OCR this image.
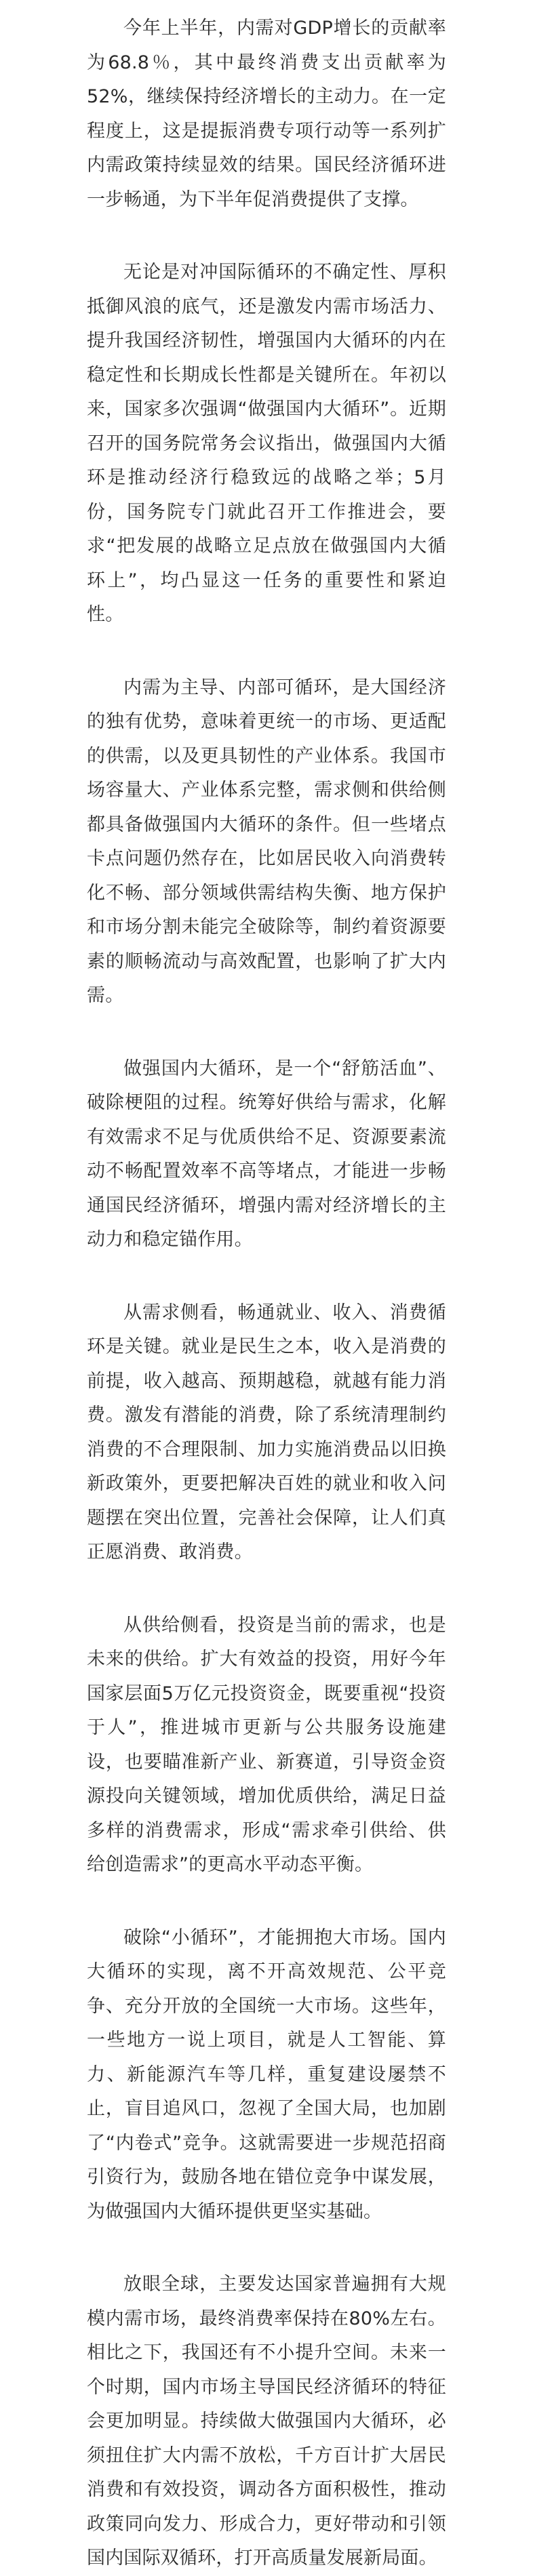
今年上半年，内需对GDP增长的贡献率为68.8％，其中最终消费支出贡献率为52%，继续保持经济增长的主动力。在一定程度上，这是提振消费专项行动等一系列扩内需政策持续显效的结果。国民经济循环进一步畅通，为下半年促消费提供了支撑。

无论是对冲国际循环的不确定性、厚积抵御风浪的底气，还是激发内需市场活力、提升我国经济韧性，增强国内大循环的内在稳定性和长期成长性都是关键所在。年初以来，国家多次强调“做强国内大循环”。近期召开的国务院常务会议指出，做强国内大循环是推动经济行稳致远的战略之举；5月份，国务院专门就此召开工作推进会，要求“把发展的战略立足点放在做强国内大循环上”，均凸显这一任务的重要性和紧迫性。

内需为主导、内部可循环，是大国经济的独有优势，意味着更统一的市场、更适配的供需，以及更具韧性的产业体系。我国市场容量大、产业体系完整，需求侧和供给侧都具备做强国内大循环的条件。但一些堵点卡点问题仍然存在，比如居民收入向消费转化不畅、部分领域供需结构失衡、地方保护和市场分割未能完全破除等，制约着资源要素的顺畅流动与高效配置，也影响了扩大内需。

做强国内大循环，是一个“舒筋活血”、破除梗阻的过程。统筹好供给与需求，化解有效需求不足与优质供给不足、资源要素流动不畅配置效率不高等堵点，才能进一步畅通国民经济循环，增强内需对经济增长的主动力和稳定锚作用。

从需求侧看，畅通就业、收入、消费循环是关键。就业是民生之本，收入是消费的前提，收入越高、预期越稳，就越有能力消费。激发有潜能的消费，除了系统清理制约消费的不合理限制、加力实施消费品以旧换新政策外，更要把解决百姓的就业和收入问题摆在突出位置，完善社会保障，让人们真正愿消费、敢消费。

从供给侧看，投资是当前的需求，也是未来的供给。扩大有效益的投资，用好今年国家层面5万亿元投资资金，既要重视“投资于人”，推进城市更新与公共服务设施建设，也要瞄准新产业、新赛道，引导资金资源投向关键领域，增加优质供给，满足日益多样的消费需求，形成“需求牵引供给、供给创造需求”的更高水平动态平衡。

破除“小循环”，才能拥抱大市场。国内大循环的实现，离不开高效规范、公平竞争、充分开放的全国统一大市场。这些年，一些地方一说上项目，就是人工智能、算力、新能源汽车等几样，重复建设屡禁不止，盲目追风口，忽视了全国大局，也加剧了“内卷式”竞争。这就需要进一步规范招商引资行为，鼓励各地在错位竞争中谋发展，为做强国内大循环提供更坚实基础。

放眼全球，主要发达国家普遍拥有大规模内需市场，最终消费率保持在80%左右。相比之下，我国还有不小提升空间。未来一个时期，国内市场主导国民经济循环的特征会更加明显。持续做大做强国内大循环，必须扭住扩大内需不放松，千方百计扩大居民消费和有效投资，调动各方面积极性，推动政策同向发力、形成合力，更好带动和引领国内国际双循环，打开高质量发展新局面。
